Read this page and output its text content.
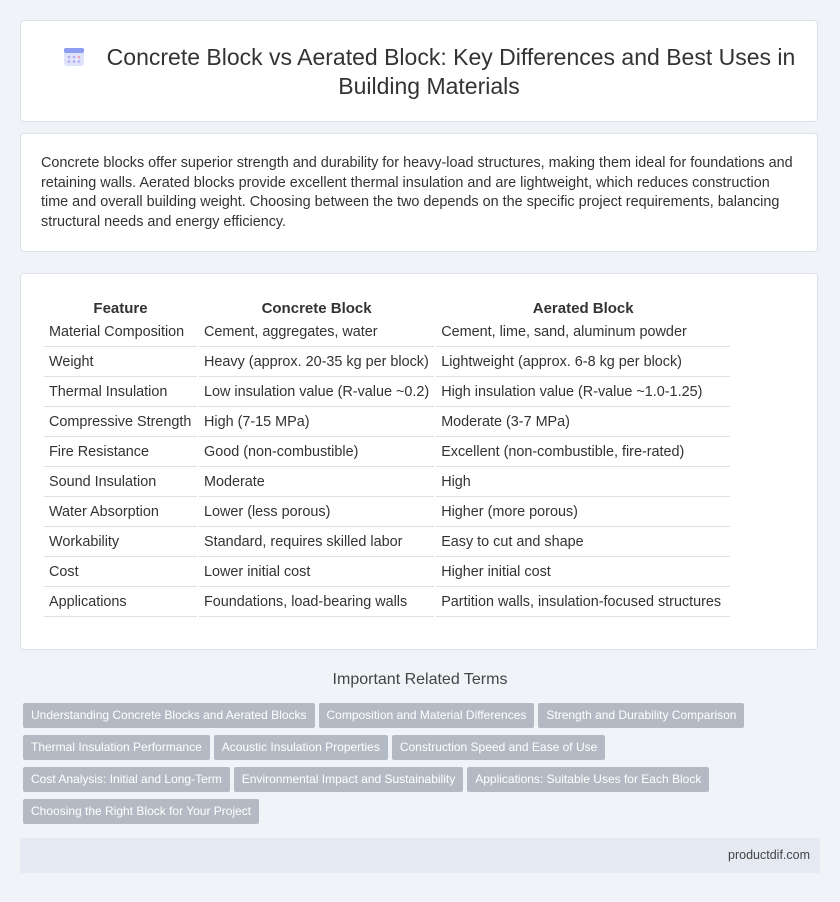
Concrete Block vs Aerated Block: Key Differences and Best Uses in Building Materials

Concrete blocks offer superior strength and durability for heavy-load structures, making them ideal for foundations and retaining walls. Aerated blocks provide excellent thermal insulation and are lightweight, which reduces construction time and overall building weight. Choosing between the two depends on the specific project requirements, balancing structural needs and energy efficiency.

Feature	Concrete Block	Aerated Block
Material Composition	Cement, aggregates, water	Cement, lime, sand, aluminum powder
Weight	Heavy (approx. 20-35 kg per block)	Lightweight (approx. 6-8 kg per block)
Thermal Insulation	Low insulation value (R-value ~0.2)	High insulation value (R-value ~1.0-1.25)
Compressive Strength	High (7-15 MPa)	Moderate (3-7 MPa)
Fire Resistance	Good (non-combustible)	Excellent (non-combustible, fire-rated)
Sound Insulation	Moderate	High
Water Absorption	Lower (less porous)	Higher (more porous)
Workability	Standard, requires skilled labor	Easy to cut and shape
Cost	Lower initial cost	Higher initial cost
Applications	Foundations, load-bearing walls	Partition walls, insulation-focused structures
Important Related Terms
Understanding Concrete Blocks and Aerated Blocks Composition and Material Differences Strength and Durability ComparisonThermal Insulation Performance Acoustic Insulation Properties Construction Speed and Ease of UseCost Analysis: Initial and Long-Term Environmental Impact and Sustainability Applications: Suitable Uses for Each BlockChoosing the Right Block for Your Project
productdif.com
